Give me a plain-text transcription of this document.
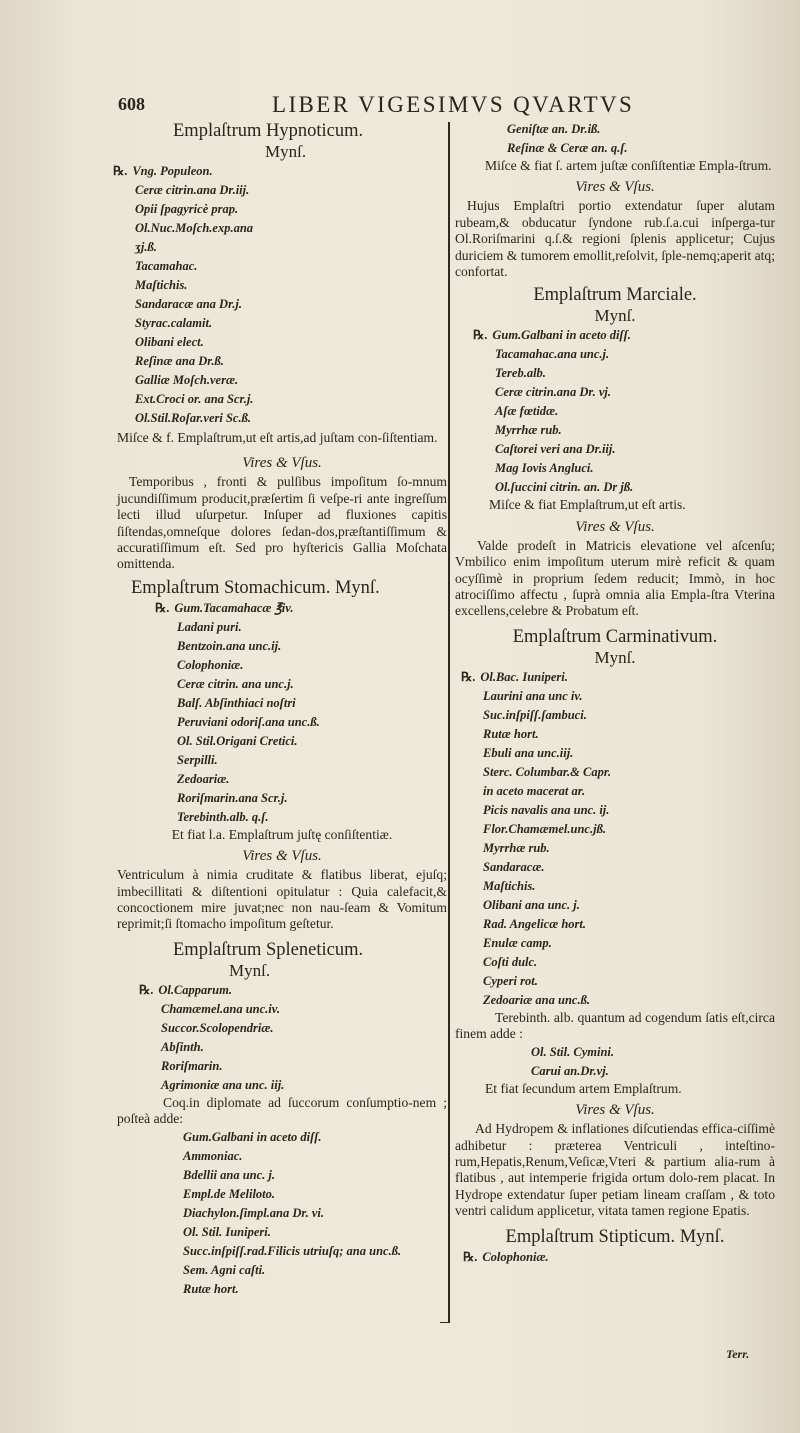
608	LIBER VIGESIMVS QVARTVS

Emplaſtrum Hypnoticum.

Mynſ.

℞. Vng. Populeon.

Ceræ citrin.ana Dr.iij.

Opii ſpagyricè prap.

Ol.Nuc.Moſch.exp.ana

ʒj.ß.

Tacamahac.

Maſtichis.

Sandaracæ ana Dr.j.

Styrac.calamit.

Olibani elect.

Reſinæ ana Dr.ß.

Galliæ Moſch.veræ.

Ext.Croci or. ana Scr.j.

Ol.Stil.Roſar.veri Sc.ß.

Miſce & f. Emplaſtrum,ut eſt artis,ad juſtam con-ſiſtentiam.

Vires & Vſus.

Temporibus , fronti & pulſibus impoſitum ſo-mnum jucundiſſimum producit,præſertim ſi veſpe-ri ante ingreſſum lecti illud uſurpetur. Inſuper ad fluxiones capitis ſiſtendas,omneſque dolores ſedan-dos,præſtantiſſimum & accuratiſſimum eſt. Sed pro hyſtericis Gallia Moſchata omittenda.

Emplaſtrum Stomachicum. Mynſ.

℞. Gum.Tacamahacæ ℥iv.

Ladani puri.

Bentzoin.ana unc.ij.

Colophoniæ.

Ceræ citrin. ana unc.j.

Balſ. Abſinthiaci noſtri

Peruviani odoriſ.ana unc.ß.

Ol. Stil.Origani Cretici.

Serpilli.

Zedoariæ.

Roriſmarin.ana Scr.j.

Terebinth.alb. q.ſ.

Et fiat l.a. Emplaſtrum juſtę conſiſtentiæ.

Vires & Vſus.

Ventriculum à nimia cruditate & flatibus liberat, ejuſq; imbecillitati & diſtentioni opitulatur : Quia calefacit,& concoctionem mire juvat;nec non nau-ſeam & Vomitum reprimit;ſi ſtomacho impoſitum geſtetur.

Emplaſtrum Spleneticum.

Mynſ.

℞. Ol.Capparum.

Chamæmel.ana unc.iv.

Succor.Scolopendriæ.

Abſinth.

Roriſmarin.

Agrimoniæ ana unc. iij.

Coq.in diplomate ad ſuccorum conſumptio-nem ; poſteà adde:

Gum.Galbani in aceto diſſ.

Ammoniac.

Bdellii ana unc. j.

Empl.de Meliloto.

Diachylon.ſimpl.ana Dr. vi.

Ol. Stil. Iuniperi.

Succ.inſpiſſ.rad.Filicis utriuſq; ana unc.ß.

Sem. Agni caſti.

Rutæ hort.

Geniſtæ an. Dr.iß.

Reſinæ & Ceræ an. q.ſ.

Miſce & fiat ſ. artem juſtæ conſiſtentiæ Empla-ſtrum.

Vires & Vſus.

Hujus Emplaſtri portio extendatur ſuper alutam rubeam,& obducatur ſyndone rub.ſ.a.cui inſperga-tur Ol.Roriſmarini q.ſ.& regioni ſplenis applicetur; Cujus duriciem & tumorem emollit,reſolvit, ſple-nemq;aperit atq; confortat.

Emplaſtrum Marciale.

Mynſ.

℞. Gum.Galbani in aceto diſſ.

Tacamahac.ana unc.j.

Tereb.alb.

Ceræ citrin.ana Dr. vj.

Aſæ fœtidæ.

Myrrhæ rub.

Caſtorei veri ana Dr.iij.

Mag Iovis Angluci.

Ol.ſuccini citrin. an. Dr jß.

Miſce & fiat Emplaſtrum,ut eſt artis.

Vires & Vſus.

Valde prodeſt in Matricis elevatione vel aſcenſu; Vmbilico enim impoſitum uterum mirè reficit & quam ocyſſimè in proprium ſedem reducit; Immò, in hoc atrociſſimo affectu , ſuprà omnia alia Empla-ſtra Vterina excellens,celebre & Probatum eſt.

Emplaſtrum Carminativum.

Mynſ.

℞. Ol.Bac. Iuniperi.

Laurini ana unc iv.

Suc.inſpiſſ.ſambuci.

Rutæ hort.

Ebuli ana unc.iij.

Sterc. Columbar.& Capr.

in aceto macerat ar.

Picis navalis ana unc. ij.

Flor.Chamæmel.unc.jß.

Myrrhæ rub.

Sandaracæ.

Maſtichis.

Olibani ana unc. j.

Rad. Angelicæ hort.

Enulæ camp.

Coſti dulc.

Cyperi rot.

Zedoariæ ana unc.ß.

Terebinth. alb. quantum ad cogendum ſatis eſt,circa finem adde :

Ol. Stil. Cymini.

Carui an.Dr.vj.

Et fiat ſecundum artem Emplaſtrum.

Vires & Vſus.

Ad Hydropem & inflationes diſcutiendas effica-ciſſimè adhibetur : præterea Ventriculi , inteſtino-rum,Hepatis,Renum,Veſicæ,Vteri & partium alia-rum à flatibus , aut intemperie frigida ortum dolo-rem placat. In Hydrope extendatur ſuper petiam lineam craſſam , & toto ventri calidum applicetur, vitata tamen regione Epatis.

Emplaſtrum Stipticum. Mynſ.

℞. Colophoniæ.

Terr.
